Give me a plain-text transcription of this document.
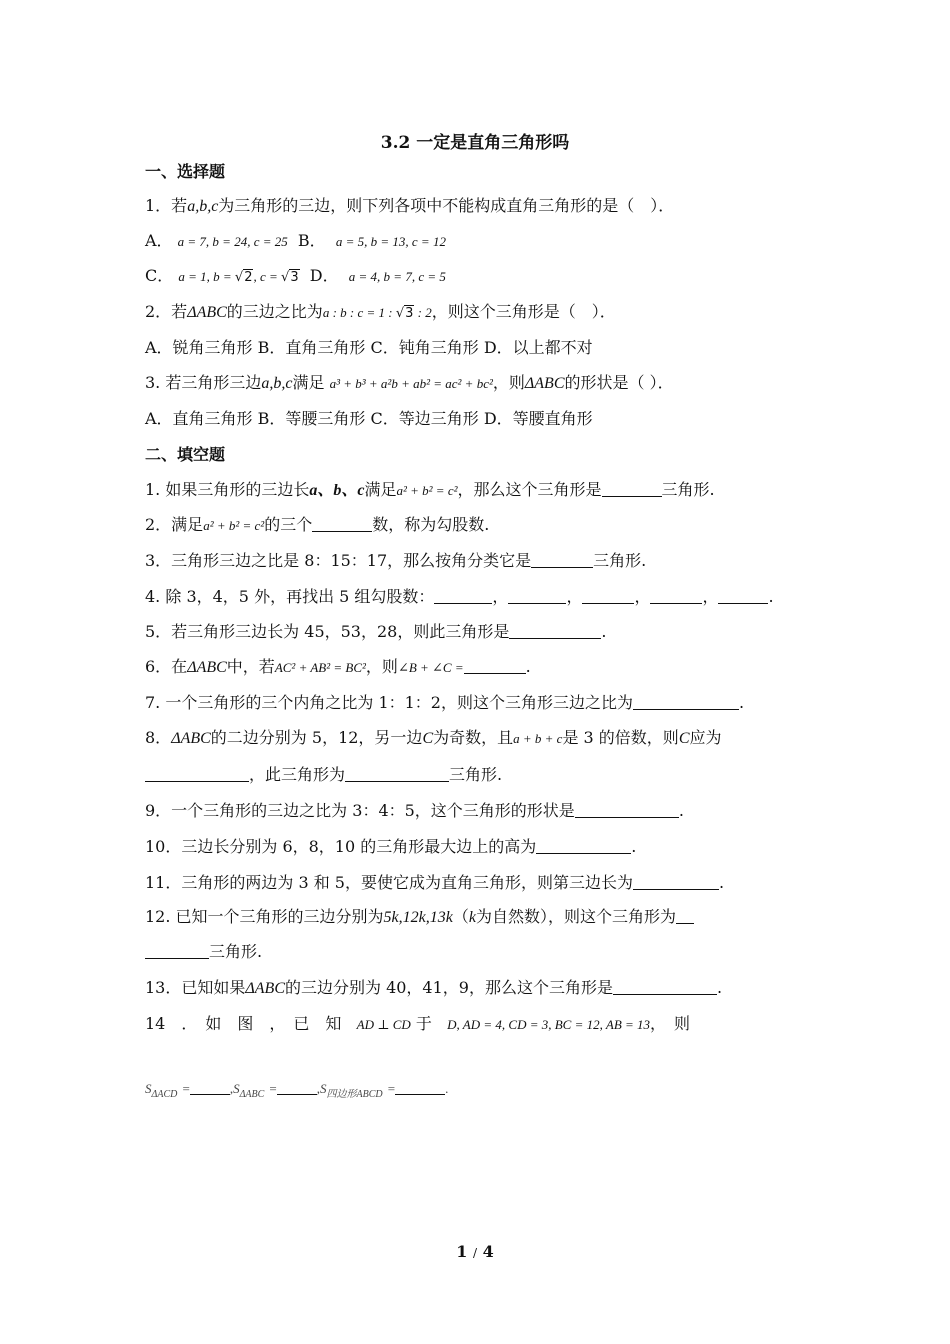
3.2 一定是直角三角形吗

一、选择题

1．若a,b,c为三角形的三边，则下列各项中不能构成直角三角形的是（　）．

A． a = 7, b = 24, c = 25 B． a = 5, b = 13, c = 12

C． a = 1, b = √2, c = √3 D． a = 4, b = 7, c = 5

2．若ΔABC的三边之比为a : b : c = 1 : √3 : 2，则这个三角形是（　）．

A．锐角三角形 B．直角三角形 C．钝角三角形 D．以上都不对

3. 若三角形三边a,b,c满足 a³ + b³ + a²b + ab² = ac² + bc²，则ΔABC的形状是（ ）．

A．直角三角形 B．等腰三角形 C．等边三角形 D．等腰直角形

二、填空题

1. 如果三角形的三边长a、b、c满足a² + b² = c²，那么这个三角形是	三角形.

2．满足a² + b² = c²的三个	数，称为勾股数.

3．三角形三边之比是 8：15：17，那么按角分类它是	三角形.

4. 除 3，4，5 外，再找出 5 组勾股数：	，	，	，	，	.

5．若三角形三边长为 45，53，28，则此三角形是	.

6．在ΔABC中，若AC² + AB² = BC²，则∠B + ∠C =	.

7. 一个三角形的三个内角之比为 1：1：2，则这个三角形三边之比为	.

8．ΔABC的二边分别为 5，12，另一边C为奇数，且a + b + c是 3 的倍数，则C应为

，此三角形为	三角形.

9．一个三角形的三边之比为 3：4：5，这个三角形的形状是	.

10．三边长分别为 6，8，10 的三角形最大边上的高为	.

11．三角形的两边为 3 和 5，要使它成为直角三角形，则第三边长为	.

12. 已知一个三角形的三边分别为5k,12k,13k（k为自然数），则这个三角形为

三角形.

13．已知如果ΔABC的三边分别为 40，41，9，那么这个三角形是	.

14　．　如　图　，　已　知 AD ⊥ CD 于 D, AD = 4, CD = 3, BC = 12, AB = 13，　则

$S_{\Delta ACD}$ =	$,S_{\Delta ABC}$ =	$,S_{四边形ABCD}$ =	.

1 / 4
